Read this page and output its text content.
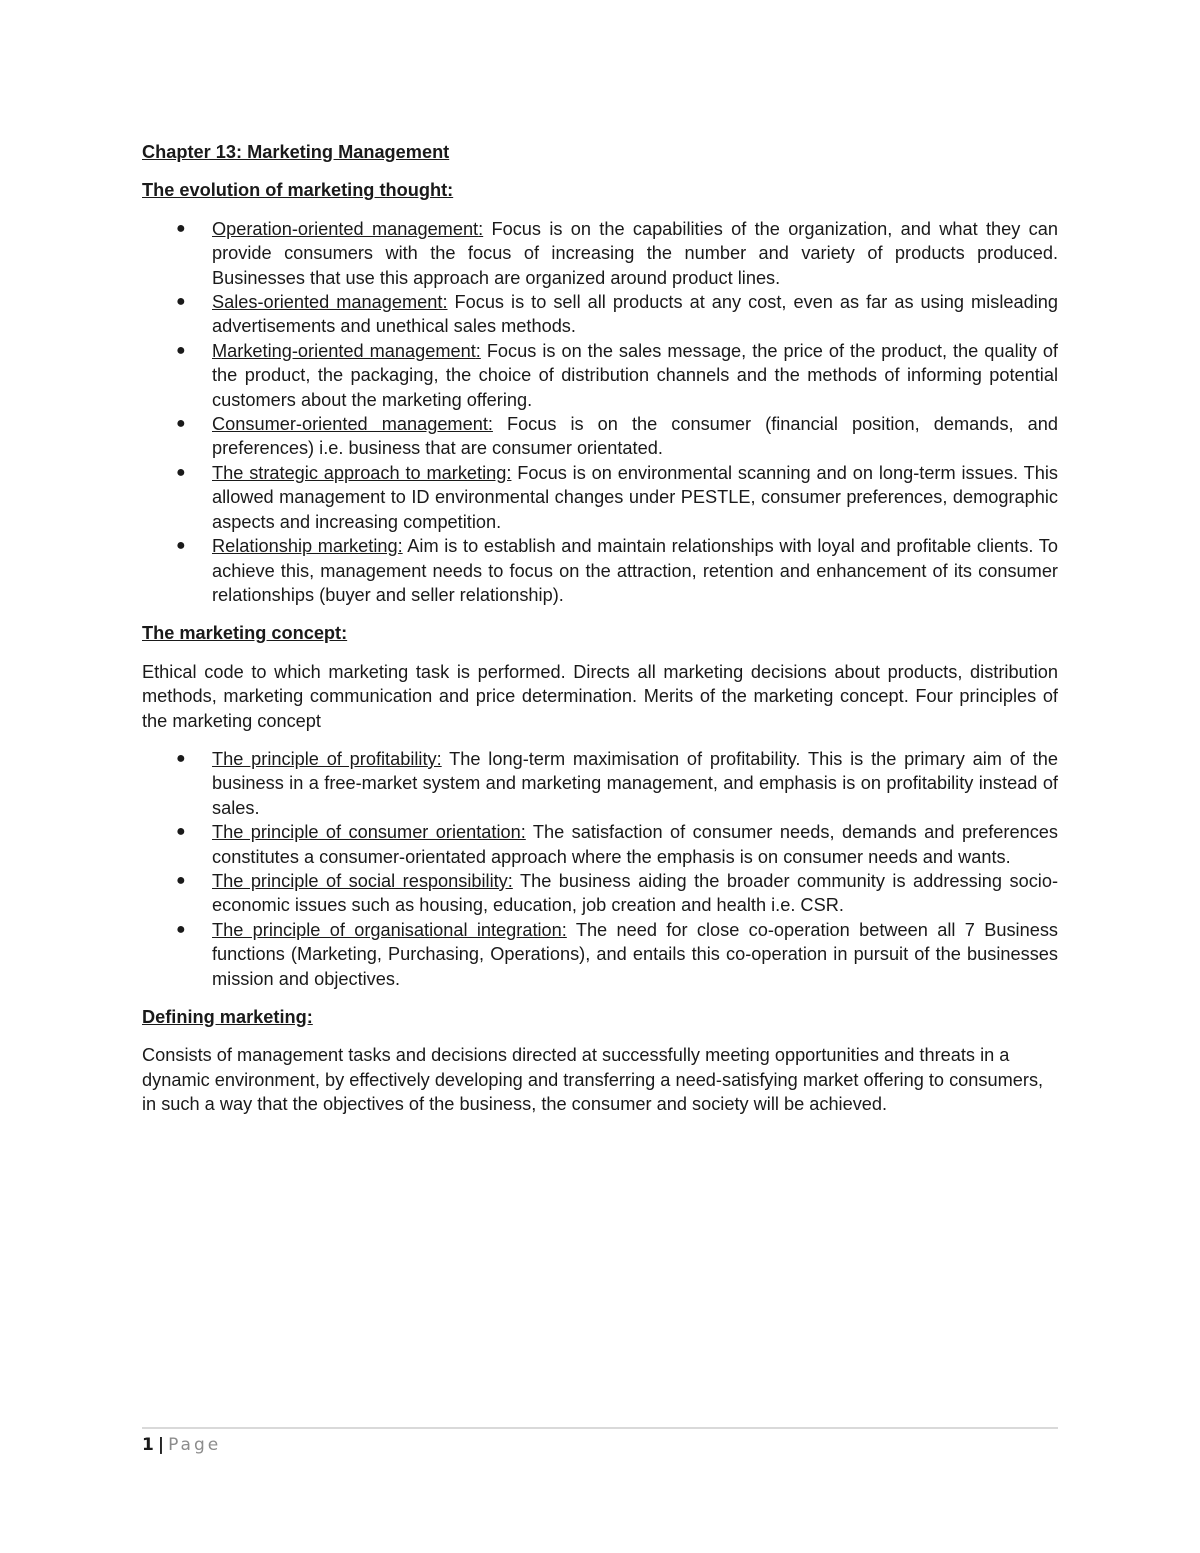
Chapter 13: Marketing Management

The evolution of marketing thought:

● Operation-oriented management: Focus is on the capabilities of the organization, and what they can provide consumers with the focus of increasing the number and variety of products produced. Businesses that use this approach are organized around product lines.
● Sales-oriented management: Focus is to sell all products at any cost, even as far as using misleading advertisements and unethical sales methods.
● Marketing-oriented management: Focus is on the sales message, the price of the product, the quality of the product, the packaging, the choice of distribution channels and the methods of informing potential customers about the marketing offering.
● Consumer-oriented management: Focus is on the consumer (financial position, demands, and preferences) i.e. business that are consumer orientated.
● The strategic approach to marketing: Focus is on environmental scanning and on long-term issues. This allowed management to ID environmental changes under PESTLE, consumer preferences, demographic aspects and increasing competition.
● Relationship marketing: Aim is to establish and maintain relationships with loyal and profitable clients. To achieve this, management needs to focus on the attraction, retention and enhancement of its consumer relationships (buyer and seller relationship).

The marketing concept:

Ethical code to which marketing task is performed. Directs all marketing decisions about products, distribution methods, marketing communication and price determination. Merits of the marketing concept. Four principles of the marketing concept

● The principle of profitability: The long-term maximisation of profitability. This is the primary aim of the business in a free-market system and marketing management, and emphasis is on profitability instead of sales.
● The principle of consumer orientation: The satisfaction of consumer needs, demands and preferences constitutes a consumer-orientated approach where the emphasis is on consumer needs and wants.
● The principle of social responsibility: The business aiding the broader community is addressing socio-economic issues such as housing, education, job creation and health i.e. CSR.
● The principle of organisational integration: The need for close co-operation between all 7 Business functions (Marketing, Purchasing, Operations), and entails this co-operation in pursuit of the businesses mission and objectives.

Defining marketing:

Consists of management tasks and decisions directed at successfully meeting opportunities and threats in a dynamic environment, by effectively developing and transferring a need-satisfying market offering to consumers, in such a way that the objectives of the business, the consumer and society will be achieved.

1 | Page
